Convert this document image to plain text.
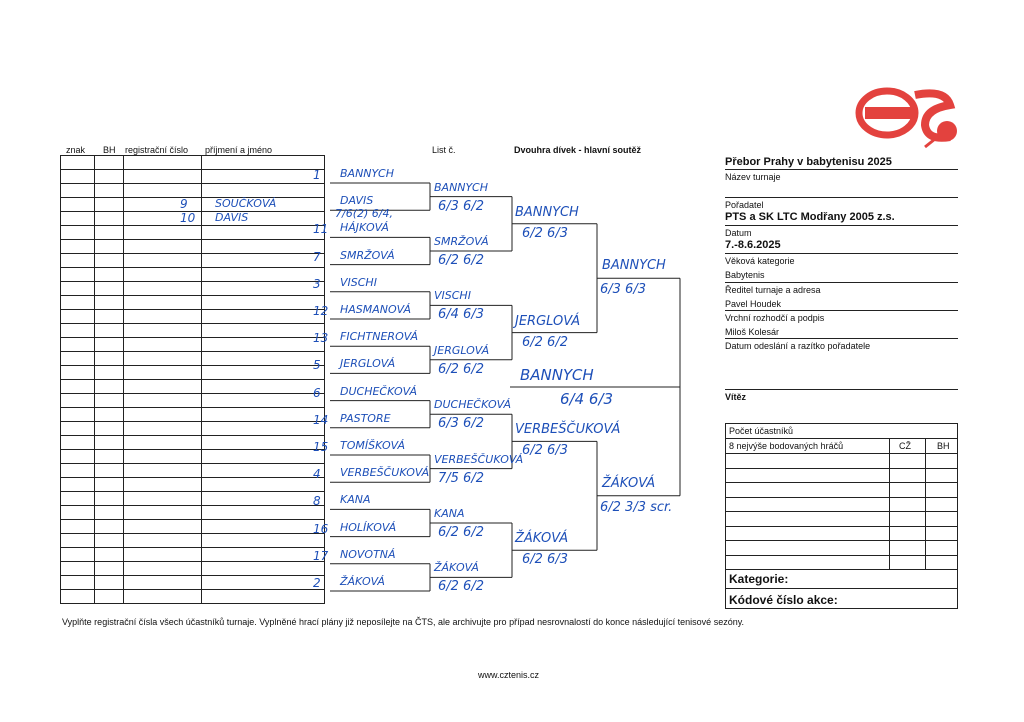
znak BH registrační číslo příjmení a jméno	List č.	Dvouhra dívek - hlavní soutěž

1 BANNYCH
DAVIS
11 HÁJKOVÁ
7 SMRŽOVÁ
3 VISCHI
12 HASMANOVÁ
13 FICHTNEROVÁ
5 JERGLOVÁ
6 DUCHEČKOVÁ
14 PASTORE
15 TOMÍŠKOVÁ
4 VERBEŠČUKOVÁ
8 KANA
16 HOLÍKOVÁ
17 NOVOTNÁ
2 ŽÁKOVÁ
BANNYCH
6/3 6/2
SMRŽOVÁ
6/2 6/2
VISCHI
6/4 6/3
JERGLOVÁ
6/2 6/2
DUCHEČKOVÁ
6/3 6/2
VERBEŠČUKOVÁ
7/5 6/2
KANA
6/2 6/2
ŽÁKOVÁ
6/2 6/2
BANNYCH
6/2 6/3
JERGLOVÁ
6/2 6/2
VERBEŠČUKOVÁ
6/2 6/3
ŽÁKOVÁ
6/2 6/3
BANNYCH
6/3 6/3
ŽÁKOVÁ
6/2 3/3 scr.
7/6(2) 6/4,
BANNYCH
6/4 6/3
Přebor Prahy v babytenisu 2025
Název turnaje
Pořadatel
PTS a SK LTC Modřany 2005 z.s.
Datum
7.-8.6.2025
Věková kategorie
Babytenis
Ředitel turnaje a adresa
Pavel Houdek
Vrchní rozhodčí a podpis
Miloš Kolesár
Datum odeslání a razítko pořadatele
Vítěz
Počet účastníků
8 nejvýše bodovaných hráčů	CŽ	BH
Kategorie:
Kódové číslo akce:
Vyplňte registrační čísla všech účastníků turnaje. Vyplněné hrací plány již neposílejte na ČTS, ale archivujte pro případ nesrovnalostí do konce následující tenisové sezóny.
www.cztenis.cz
9 SOUČKOVÁ
10 DAVIS
